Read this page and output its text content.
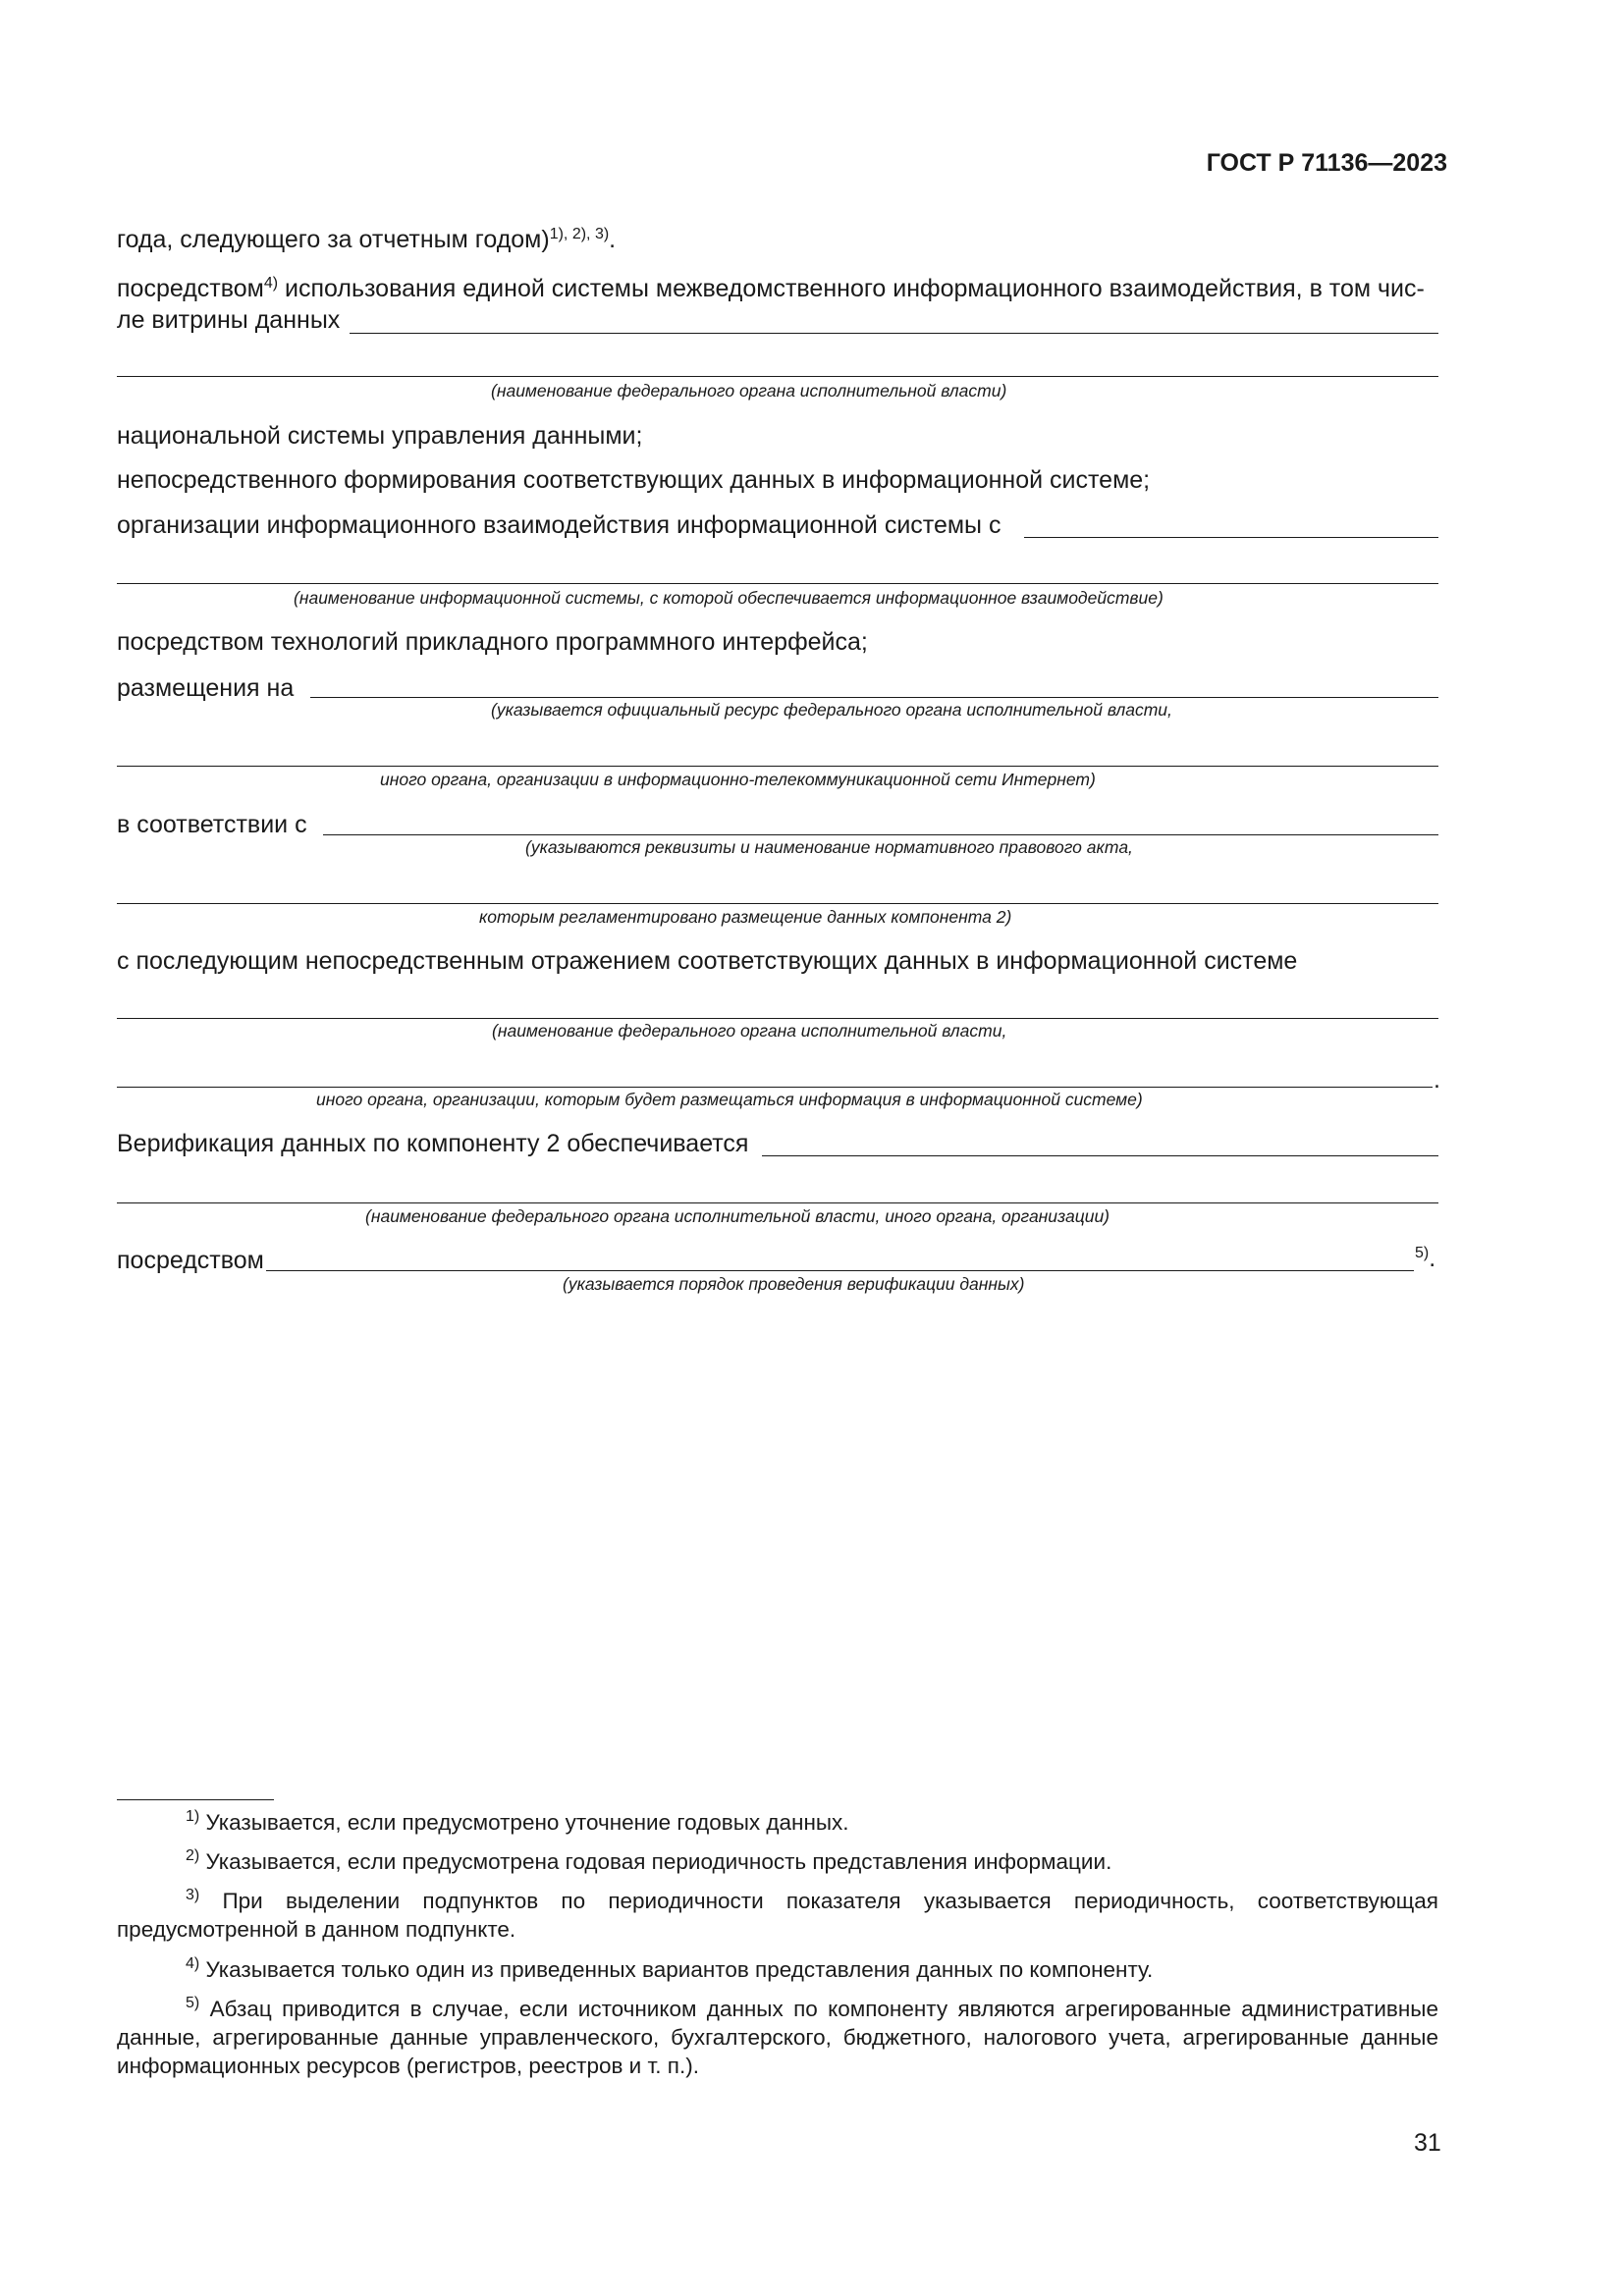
ГОСТ Р 71136—2023
года, следующего за отчетным годом)$^{1), 2), 3)}$.
посредством$^{4)}$ использования единой системы межведомственного информационного взаимодействия, в том чис-
ле витрины данных
(наименование федерального органа исполнительной власти)
национальной системы управления данными;
непосредственного формирования соответствующих данных в информационной системе;
организации информационного взаимодействия информационной системы с
(наименование информационной системы, с которой обеспечивается информационное взаимодействие)
посредством технологий прикладного программного интерфейса;
размещения на
(указывается официальный ресурс федерального органа исполнительной власти,
иного органа, организации в информационно-телекоммуникационной сети Интернет)
в соответствии с
(указываются реквизиты и наименование нормативного правового акта,
которым регламентировано размещение данных компонента 2)
с последующим непосредственным отражением соответствующих данных в информационной системе
(наименование федерального органа исполнительной власти,
.
иного органа, организации, которым будет размещаться информация в информационной системе)
Верификация данных по компоненту 2 обеспечивается
(наименование федерального органа исполнительной власти, иного органа, организации)
посредством	$^{5)}$.
(указывается порядок проведения верификации данных)
$^{1)}$ Указывается, если предусмотрено уточнение годовых данных.
$^{2)}$ Указывается, если предусмотрена годовая периодичность представления информации.
$^{3)}$ При выделении подпунктов по периодичности показателя указывается периодичность, соответствующая предусмотренной в данном подпункте.
$^{4)}$ Указывается только один из приведенных вариантов представления данных по компоненту.
$^{5)}$ Абзац приводится в случае, если источником данных по компоненту являются агрегированные административные данные, агрегированные данные управленческого, бухгалтерского, бюджетного, налогового учета, агрегированные данные информационных ресурсов (регистров, реестров и т. п.).
31
